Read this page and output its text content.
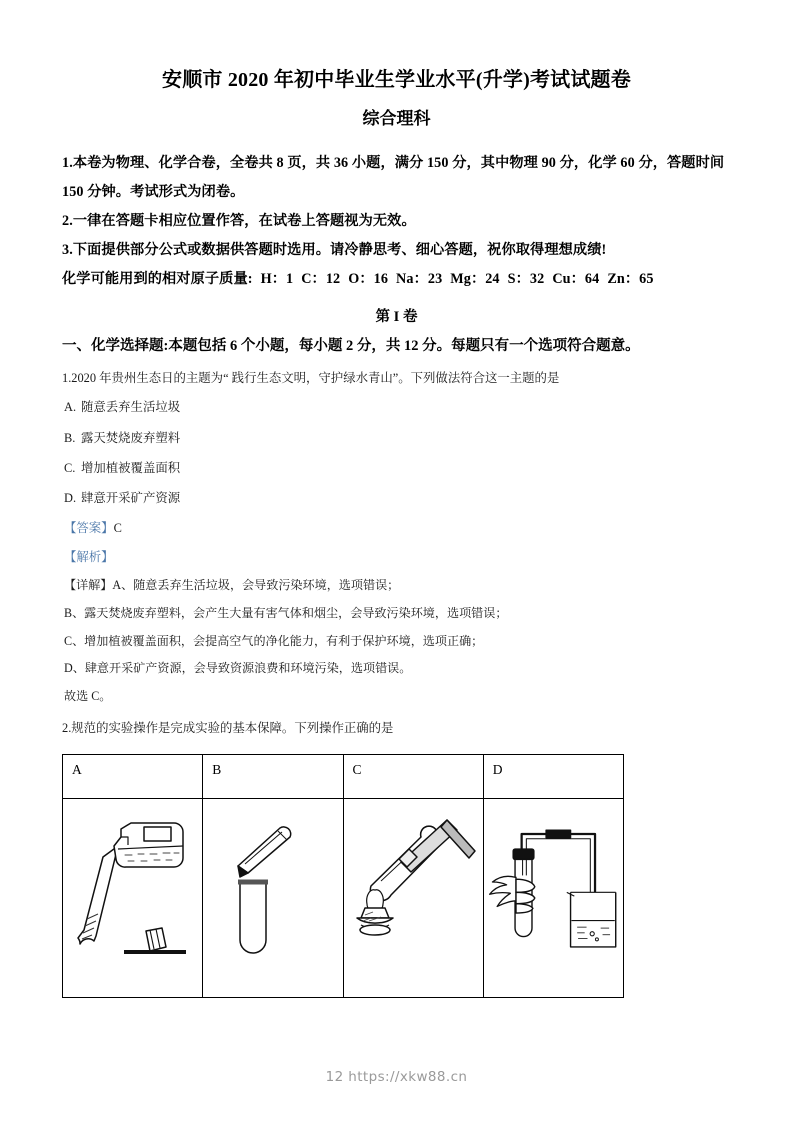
安顺市 2020 年初中毕业生学业水平(升学)考试试题卷
综合理科
1.本卷为物理、化学合卷，全卷共 8 页，共 36 小题，满分 150 分，其中物理 90 分，化学 60 分，答题时间 150 分钟。考试形式为闭卷。
2.一律在答题卡相应位置作答，在试卷上答题视为无效。
3.下面提供部分公式或数据供答题时选用。请冷静思考、细心答题，祝你取得理想成绩!
化学可能用到的相对原子质量: H：1 C：12 O：16 Na：23 Mg：24 S：32 Cu：64 Zn：65
第 I 卷
一、化学选择题:本题包括 6 个小题，每小题 2 分，共 12 分。每题只有一个选项符合题意。
1.2020 年贵州生态日的主题为“ 践行生态文明，守护绿水青山”。下列做法符合这一主题的是
A. 随意丢弃生活垃圾
B. 露天焚烧废弃塑料
C. 增加植被覆盖面积
D. 肆意开采矿产资源
【答案】C
【解析】
【详解】A、随意丢弃生活垃圾，会导致污染环境，选项错误；
B、露天焚烧废弃塑料，会产生大量有害气体和烟尘，会导致污染环境，选项错误；
C、增加植被覆盖面积，会提高空气的净化能力，有利于保护环境，选项正确；
D、肆意开采矿产资源，会导致资源浪费和环境污染，选项错误。
故选 C。
2.规范的实验操作是完成实验的基本保障。下列操作正确的是
A	B	C	D

12 https://xkw88.cn
